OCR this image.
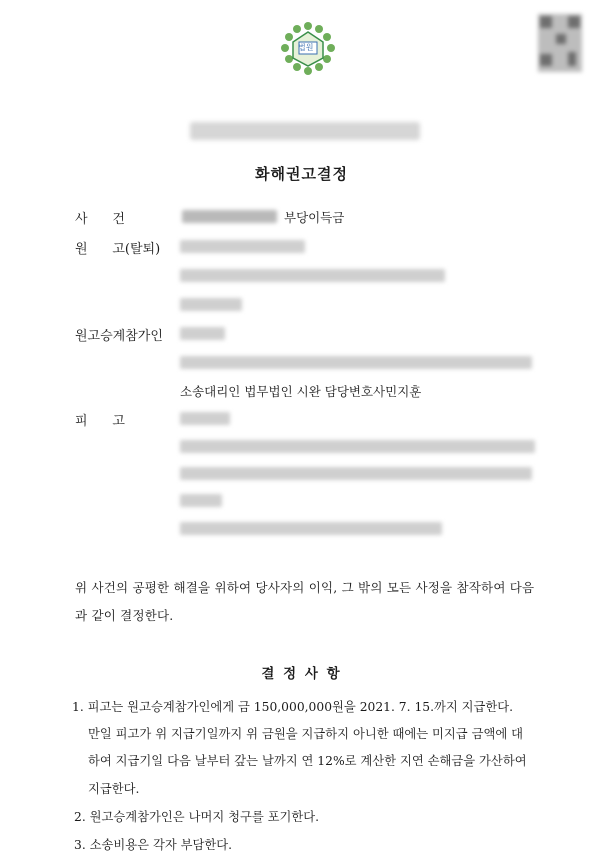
법원
화해권고결정
사      건	부당이득금
원      고(탈퇴)
원고승계참가인
소송대리인 법무법인 시완 담당변호사민지훈
피      고
위 사건의 공평한 해결을 위하여 당사자의 이익, 그 밖의 모든 사정을 참작하여 다음
과 같이 결정한다.
결 정 사 항
1. 피고는 원고승계참가인에게 금 150,000,000원을 2021. 7. 15.까지 지급한다.
만일 피고가 위 지급기일까지 위 금원을 지급하지 아니한 때에는 미지급 금액에 대
하여 지급기일 다음 날부터 갚는 날까지 연 12%로 계산한 지연 손해금을 가산하여
지급한다.
2. 원고승계참가인은 나머지 청구를 포기한다.
3. 소송비용은 각자 부담한다.
